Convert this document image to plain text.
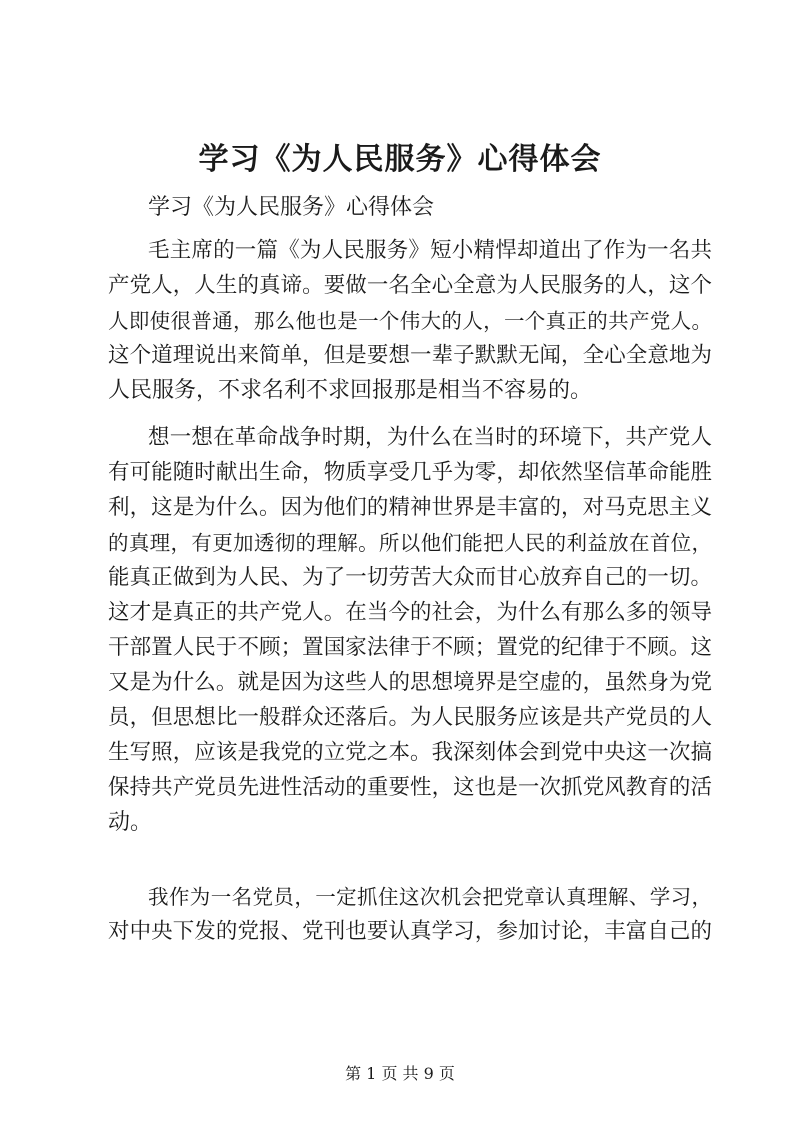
学习《为人民服务》心得体会

学习《为人民服务》心得体会

毛主席的一篇《为人民服务》短小精悍却道出了作为一名共

产党人，人生的真谛。要做一名全心全意为人民服务的人，这个

人即使很普通，那么他也是一个伟大的人，一个真正的共产党人。

这个道理说出来简单，但是要想一辈子默默无闻，全心全意地为

人民服务，不求名利不求回报那是相当不容易的。

想一想在革命战争时期，为什么在当时的环境下，共产党人

有可能随时献出生命，物质享受几乎为零，却依然坚信革命能胜

利，这是为什么。因为他们的精神世界是丰富的，对马克思主义

的真理，有更加透彻的理解。所以他们能把人民的利益放在首位，

能真正做到为人民、为了一切劳苦大众而甘心放弃自己的一切。

这才是真正的共产党人。在当今的社会，为什么有那么多的领导

干部置人民于不顾；置国家法律于不顾；置党的纪律于不顾。这

又是为什么。就是因为这些人的思想境界是空虚的，虽然身为党

员，但思想比一般群众还落后。为人民服务应该是共产党员的人

生写照，应该是我党的立党之本。我深刻体会到党中央这一次搞

保持共产党员先进性活动的重要性，这也是一次抓党风教育的活

动。

我作为一名党员，一定抓住这次机会把党章认真理解、学习，

对中央下发的党报、党刊也要认真学习，参加讨论，丰富自己的

第 1 页 共 9 页
